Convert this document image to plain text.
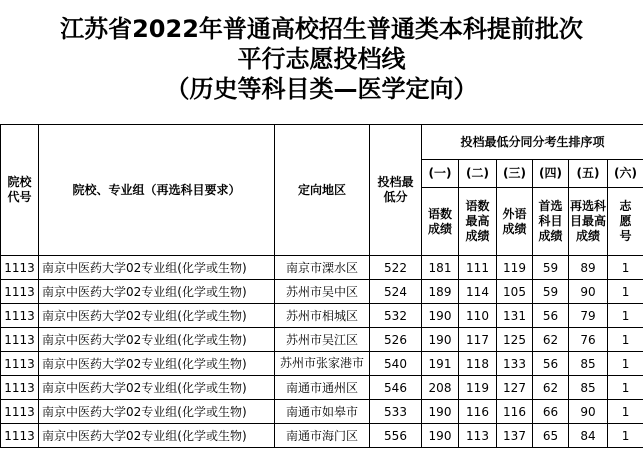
江苏省2022年普通高校招生普通类本科提前批次
平行志愿投档线
（历史等科目类—医学定向）
院校代号	院校、专业组（再选科目要求）	定向地区	投档最低分	投档最低分同分考生排序项					
				(一)	(二)	(三)	(四)	(五)	(六)

				语数成绩	语数最高成绩	外语成绩	首选科目成绩	再选科目最高成绩	志愿号

1113	南京中医药大学02专业组(化学或生物)	南京市溧水区	522	181	111	119	59	89	1
1113	南京中医药大学02专业组(化学或生物)	苏州市吴中区	524	189	114	105	59	90	1
1113	南京中医药大学02专业组(化学或生物)	苏州市相城区	532	190	110	131	56	79	1
1113	南京中医药大学02专业组(化学或生物)	苏州市吴江区	526	190	117	125	62	76	1
1113	南京中医药大学02专业组(化学或生物)	苏州市张家港市	540	191	118	133	56	85	1
1113	南京中医药大学02专业组(化学或生物)	南通市通州区	546	208	119	127	62	85	1
1113	南京中医药大学02专业组(化学或生物)	南通市如皋市	533	190	116	116	66	90	1
1113	南京中医药大学02专业组(化学或生物)	南通市海门区	556	190	113	137	65	84	1
